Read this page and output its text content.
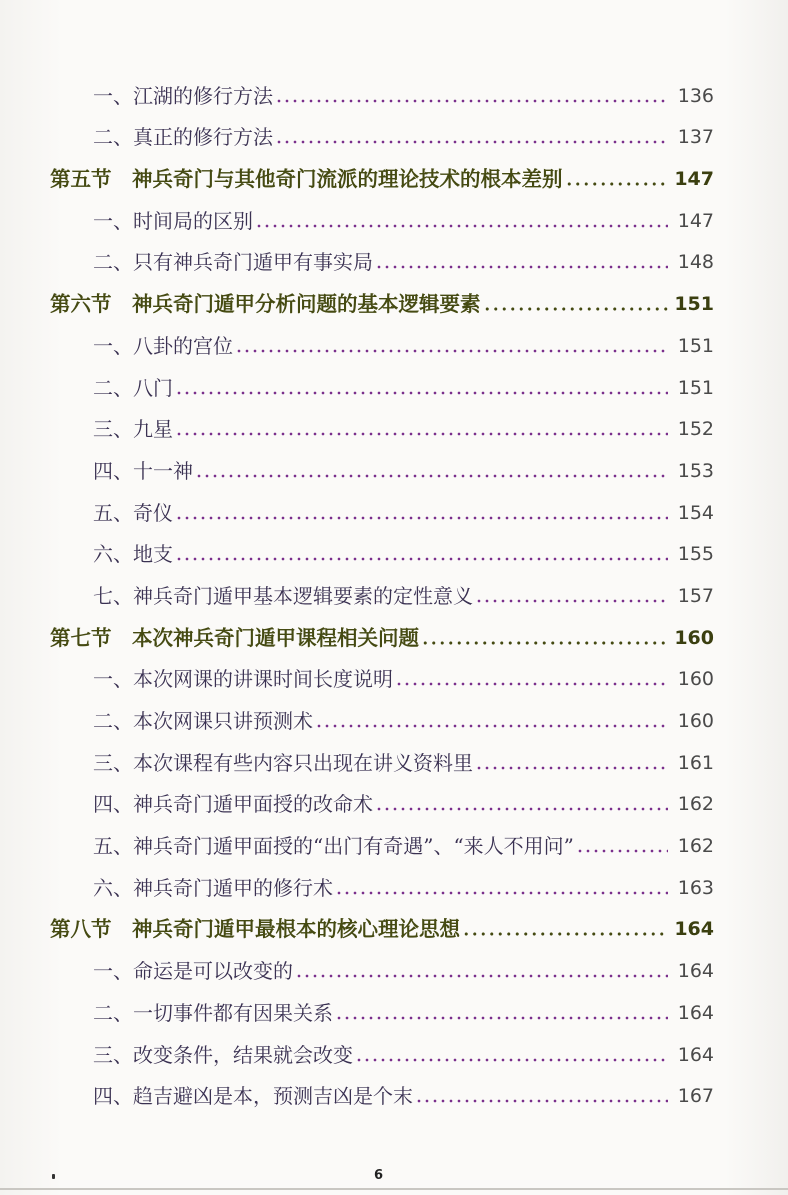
一、江湖的修行方法	136
二、真正的修行方法	137
第五节　神兵奇门与其他奇门流派的理论技术的根本差别	147
一、时间局的区别	147
二、只有神兵奇门遁甲有事实局	148
第六节　神兵奇门遁甲分析问题的基本逻辑要素	151
一、八卦的宫位	151
二、八门	151
三、九星	152
四、十一神	153
五、奇仪	154
六、地支	155
七、神兵奇门遁甲基本逻辑要素的定性意义	157
第七节　本次神兵奇门遁甲课程相关问题	160
一、本次网课的讲课时间长度说明	160
二、本次网课只讲预测术	160
三、本次课程有些内容只出现在讲义资料里	161
四、神兵奇门遁甲面授的改命术	162
五、神兵奇门遁甲面授的“出门有奇遇”、“来人不用问”	162
六、神兵奇门遁甲的修行术	163
第八节　神兵奇门遁甲最根本的核心理论思想	164
一、命运是可以改变的	164
二、一切事件都有因果关系	164
三、改变条件，结果就会改变	164
四、趋吉避凶是本，预测吉凶是个末	167
6
